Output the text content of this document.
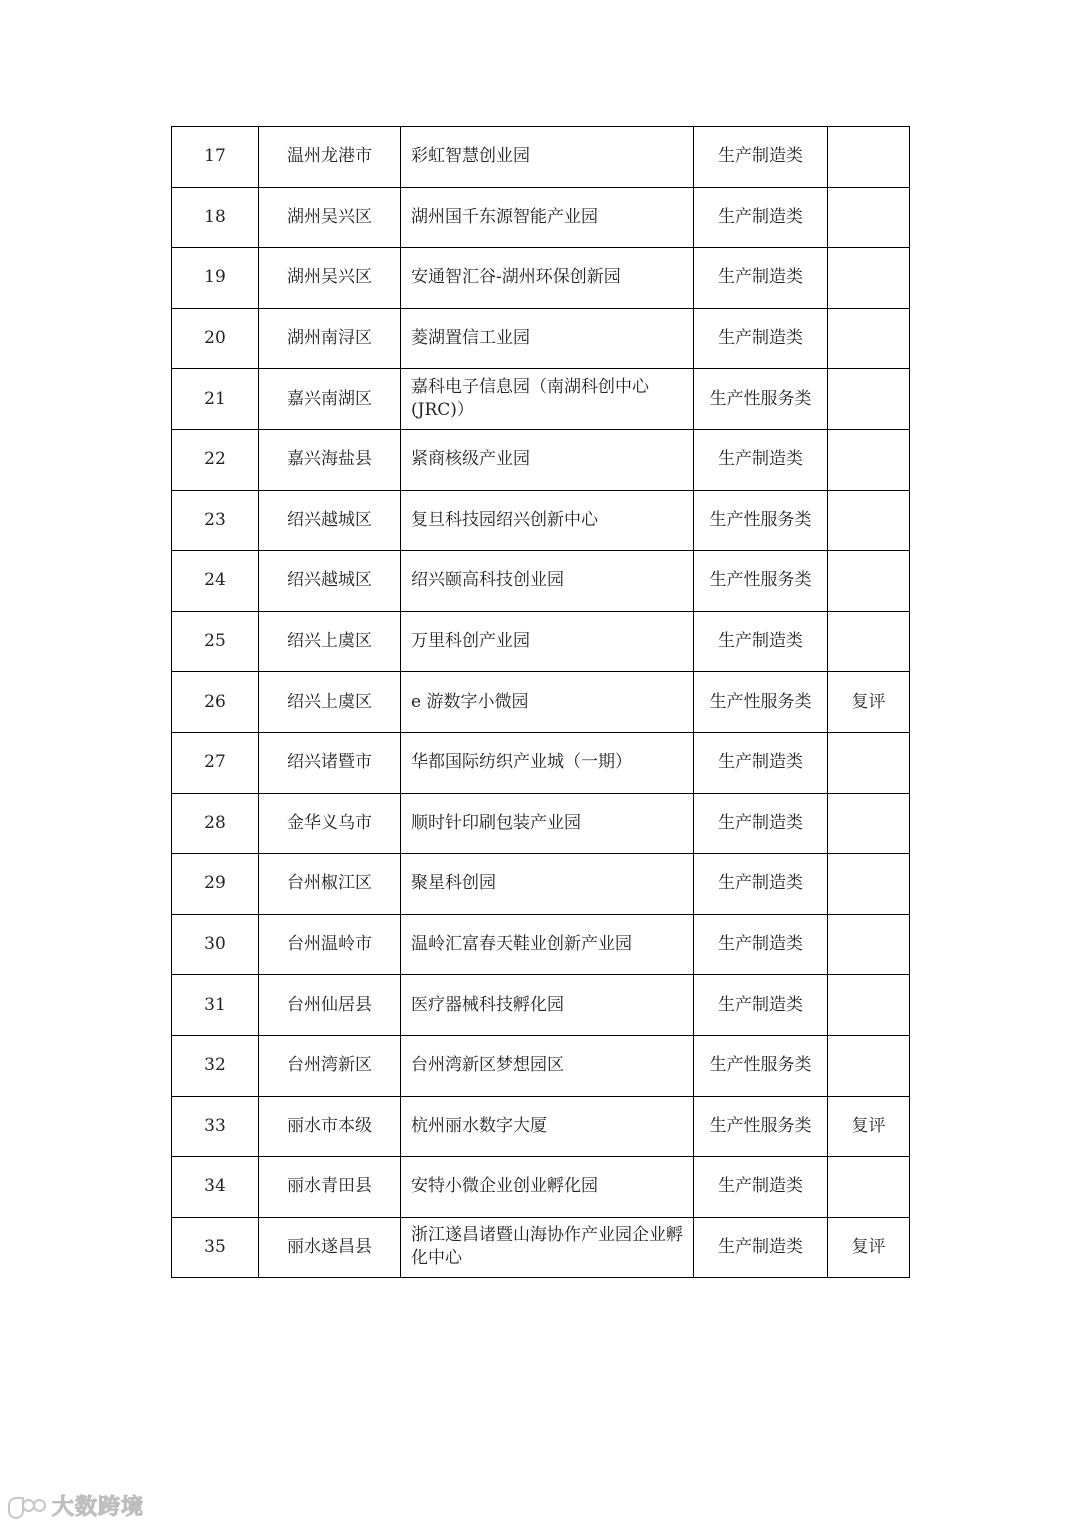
17	温州龙港市	彩虹智慧创业园	生产制造类	
18	湖州吴兴区	湖州国千东源智能产业园	生产制造类	
19	湖州吴兴区	安通智汇谷-湖州环保创新园	生产制造类	
20	湖州南浔区	菱湖置信工业园	生产制造类	
21	嘉兴南湖区	嘉科电子信息园（南湖科创中心(JRC)）	生产性服务类	
22	嘉兴海盐县	紧商核级产业园	生产制造类	
23	绍兴越城区	复旦科技园绍兴创新中心	生产性服务类	
24	绍兴越城区	绍兴颐高科技创业园	生产性服务类	
25	绍兴上虞区	万里科创产业园	生产制造类	
26	绍兴上虞区	e 游数字小微园	生产性服务类	复评
27	绍兴诸暨市	华都国际纺织产业城（一期）	生产制造类	
28	金华义乌市	顺时针印刷包装产业园	生产制造类	
29	台州椒江区	聚星科创园	生产制造类	
30	台州温岭市	温岭汇富春天鞋业创新产业园	生产制造类	
31	台州仙居县	医疗器械科技孵化园	生产制造类	
32	台州湾新区	台州湾新区梦想园区	生产性服务类	
33	丽水市本级	杭州丽水数字大厦	生产性服务类	复评
34	丽水青田县	安特小微企业创业孵化园	生产制造类	
35	丽水遂昌县	浙江遂昌诸暨山海协作产业园企业孵化中心	生产制造类	复评
大数跨境
